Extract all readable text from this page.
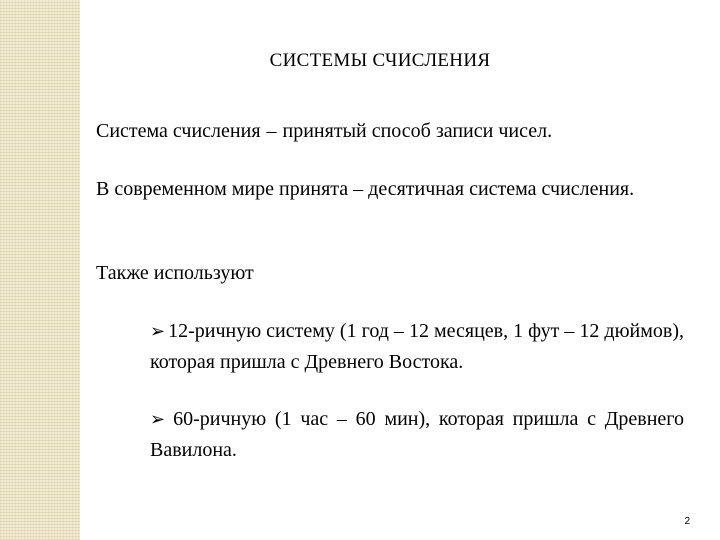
СИСТЕМЫ СЧИСЛЕНИЯ

Система счисления – принятый способ записи чисел.

В современном мире принята – десятичная система счисления.

Также используют

➢ 12-ричную систему (1 год – 12 месяцев, 1 фут – 12 дюймов), которая пришла с Древнего Востока.

➢ 60-ричную (1 час – 60 мин), которая пришла с Древнего Вавилона.

2
